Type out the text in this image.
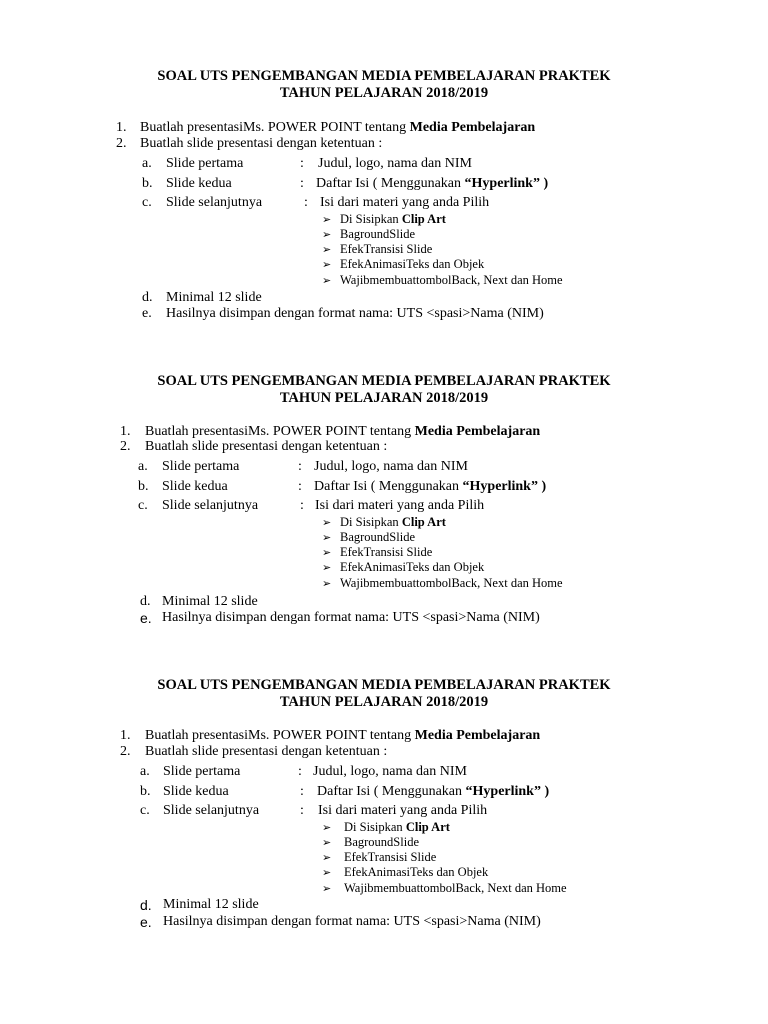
SOAL UTS PENGEMBANGAN MEDIA PEMBELAJARAN PRAKTEK
TAHUN PELAJARAN 2018/2019
1. Buatlah presentasiMs. POWER POINT tentang Media Pembelajaran
2. Buatlah slide presentasi dengan ketentuan :
a. Slide pertama	: Judul, logo, nama dan NIM
b. Slide kedua	: Daftar Isi ( Menggunakan “Hyperlink” )
c. Slide selanjutnya	: Isi dari materi yang anda Pilih
➢ Di Sisipkan Clip Art
➢ BagroundSlide
➢ EfekTransisi Slide
➢ EfekAnimasiTeks dan Objek
➢ WajibmembuattombolBack, Next dan Home
d. Minimal 12 slide
e. Hasilnya disimpan dengan format nama: UTS <spasi>Nama (NIM)
SOAL UTS PENGEMBANGAN MEDIA PEMBELAJARAN PRAKTEK
TAHUN PELAJARAN 2018/2019
1. Buatlah presentasiMs. POWER POINT tentang Media Pembelajaran
2. Buatlah slide presentasi dengan ketentuan :
a. Slide pertama	: Judul, logo, nama dan NIM
b. Slide kedua	: Daftar Isi ( Menggunakan “Hyperlink” )
c. Slide selanjutnya	: Isi dari materi yang anda Pilih
➢ Di Sisipkan Clip Art
➢ BagroundSlide
➢ EfekTransisi Slide
➢ EfekAnimasiTeks dan Objek
➢ WajibmembuattombolBack, Next dan Home
d. Minimal 12 slide
e. Hasilnya disimpan dengan format nama: UTS <spasi>Nama (NIM)
SOAL UTS PENGEMBANGAN MEDIA PEMBELAJARAN PRAKTEK
TAHUN PELAJARAN 2018/2019
1. Buatlah presentasiMs. POWER POINT tentang Media Pembelajaran
2. Buatlah slide presentasi dengan ketentuan :
a. Slide pertama	: Judul, logo, nama dan NIM
b. Slide kedua	: Daftar Isi ( Menggunakan “Hyperlink” )
c. Slide selanjutnya	: Isi dari materi yang anda Pilih
➢ Di Sisipkan Clip Art
➢ BagroundSlide
➢ EfekTransisi Slide
➢ EfekAnimasiTeks dan Objek
➢ WajibmembuattombolBack, Next dan Home
d. Minimal 12 slide
e. Hasilnya disimpan dengan format nama: UTS <spasi>Nama (NIM)
